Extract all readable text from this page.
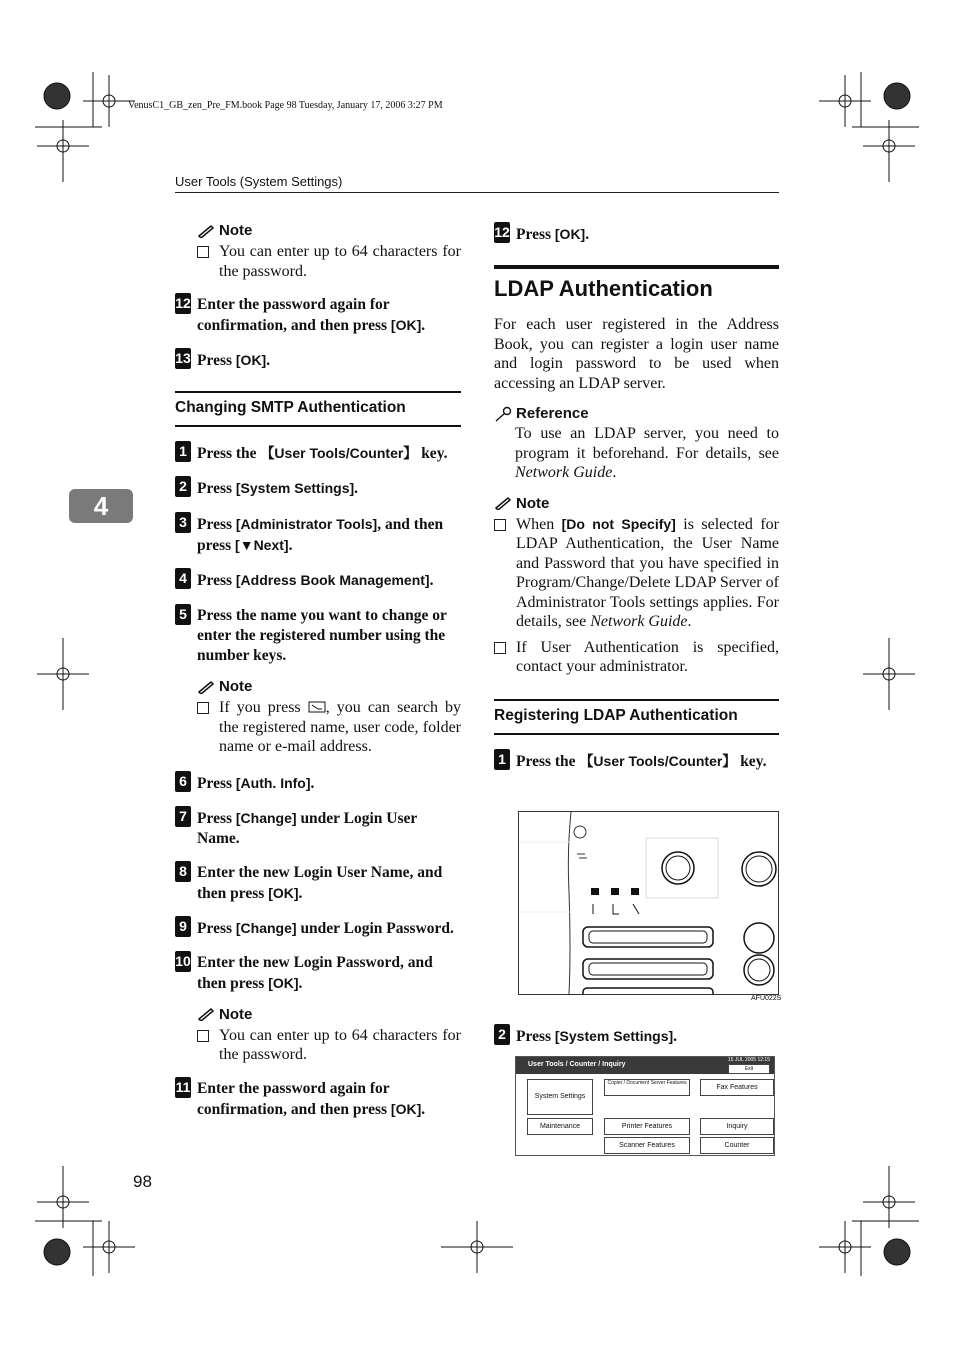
VenusC1_GB_zen_Pre_FM.book Page 98 Tuesday, January 17, 2006 3:27 PM
User Tools (System Settings)
4
98

Note

You can enter up to 64 characters for the password.

12 Enter the password again for confirmation, and then press [OK].

13 Press [OK].

Changing SMTP Authentication

1 Press the 【User Tools/Counter】 key.

2 Press [System Settings].

3 Press [Administrator Tools], and then press [▼Next].

4 Press [Address Book Management].

5 Press the name you want to change or enter the registered number using the number keys.

Note

If you press , you can search by the registered name, user code, folder name or e-mail address.

6 Press [Auth. Info].

7 Press [Change] under Login User Name.

8 Enter the new Login User Name, and then press [OK].

9 Press [Change] under Login Password.

10 Enter the new Login Password, and then press [OK].

Note

You can enter up to 64 characters for the password.

11 Enter the password again for confirmation, and then press [OK].

12 Press [OK].

LDAP Authentication

For each user registered in the Address Book, you can register a login user name and login password to be used when accessing an LDAP server.

Reference

To use an LDAP server, you need to program it beforehand. For details, see Network Guide.

Note

When [Do not Specify] is selected for LDAP Authentication, the User Name and Password that you have specified in Program/Change/Delete LDAP Server of Administrator Tools settings applies. For details, see Network Guide.

If User Authentication is specified, contact your administrator.

Registering LDAP Authentication

1 Press the 【User Tools/Counter】 key.

AFU022S

2 Press [System Settings].

User Tools / Counter / Inquiry
15 JUL 2005 12:15
Exit
System Settings
Copier / Document Server Features
Fax Features
Maintenance	Printer Features	Inquiry
Scanner Features	Counter
